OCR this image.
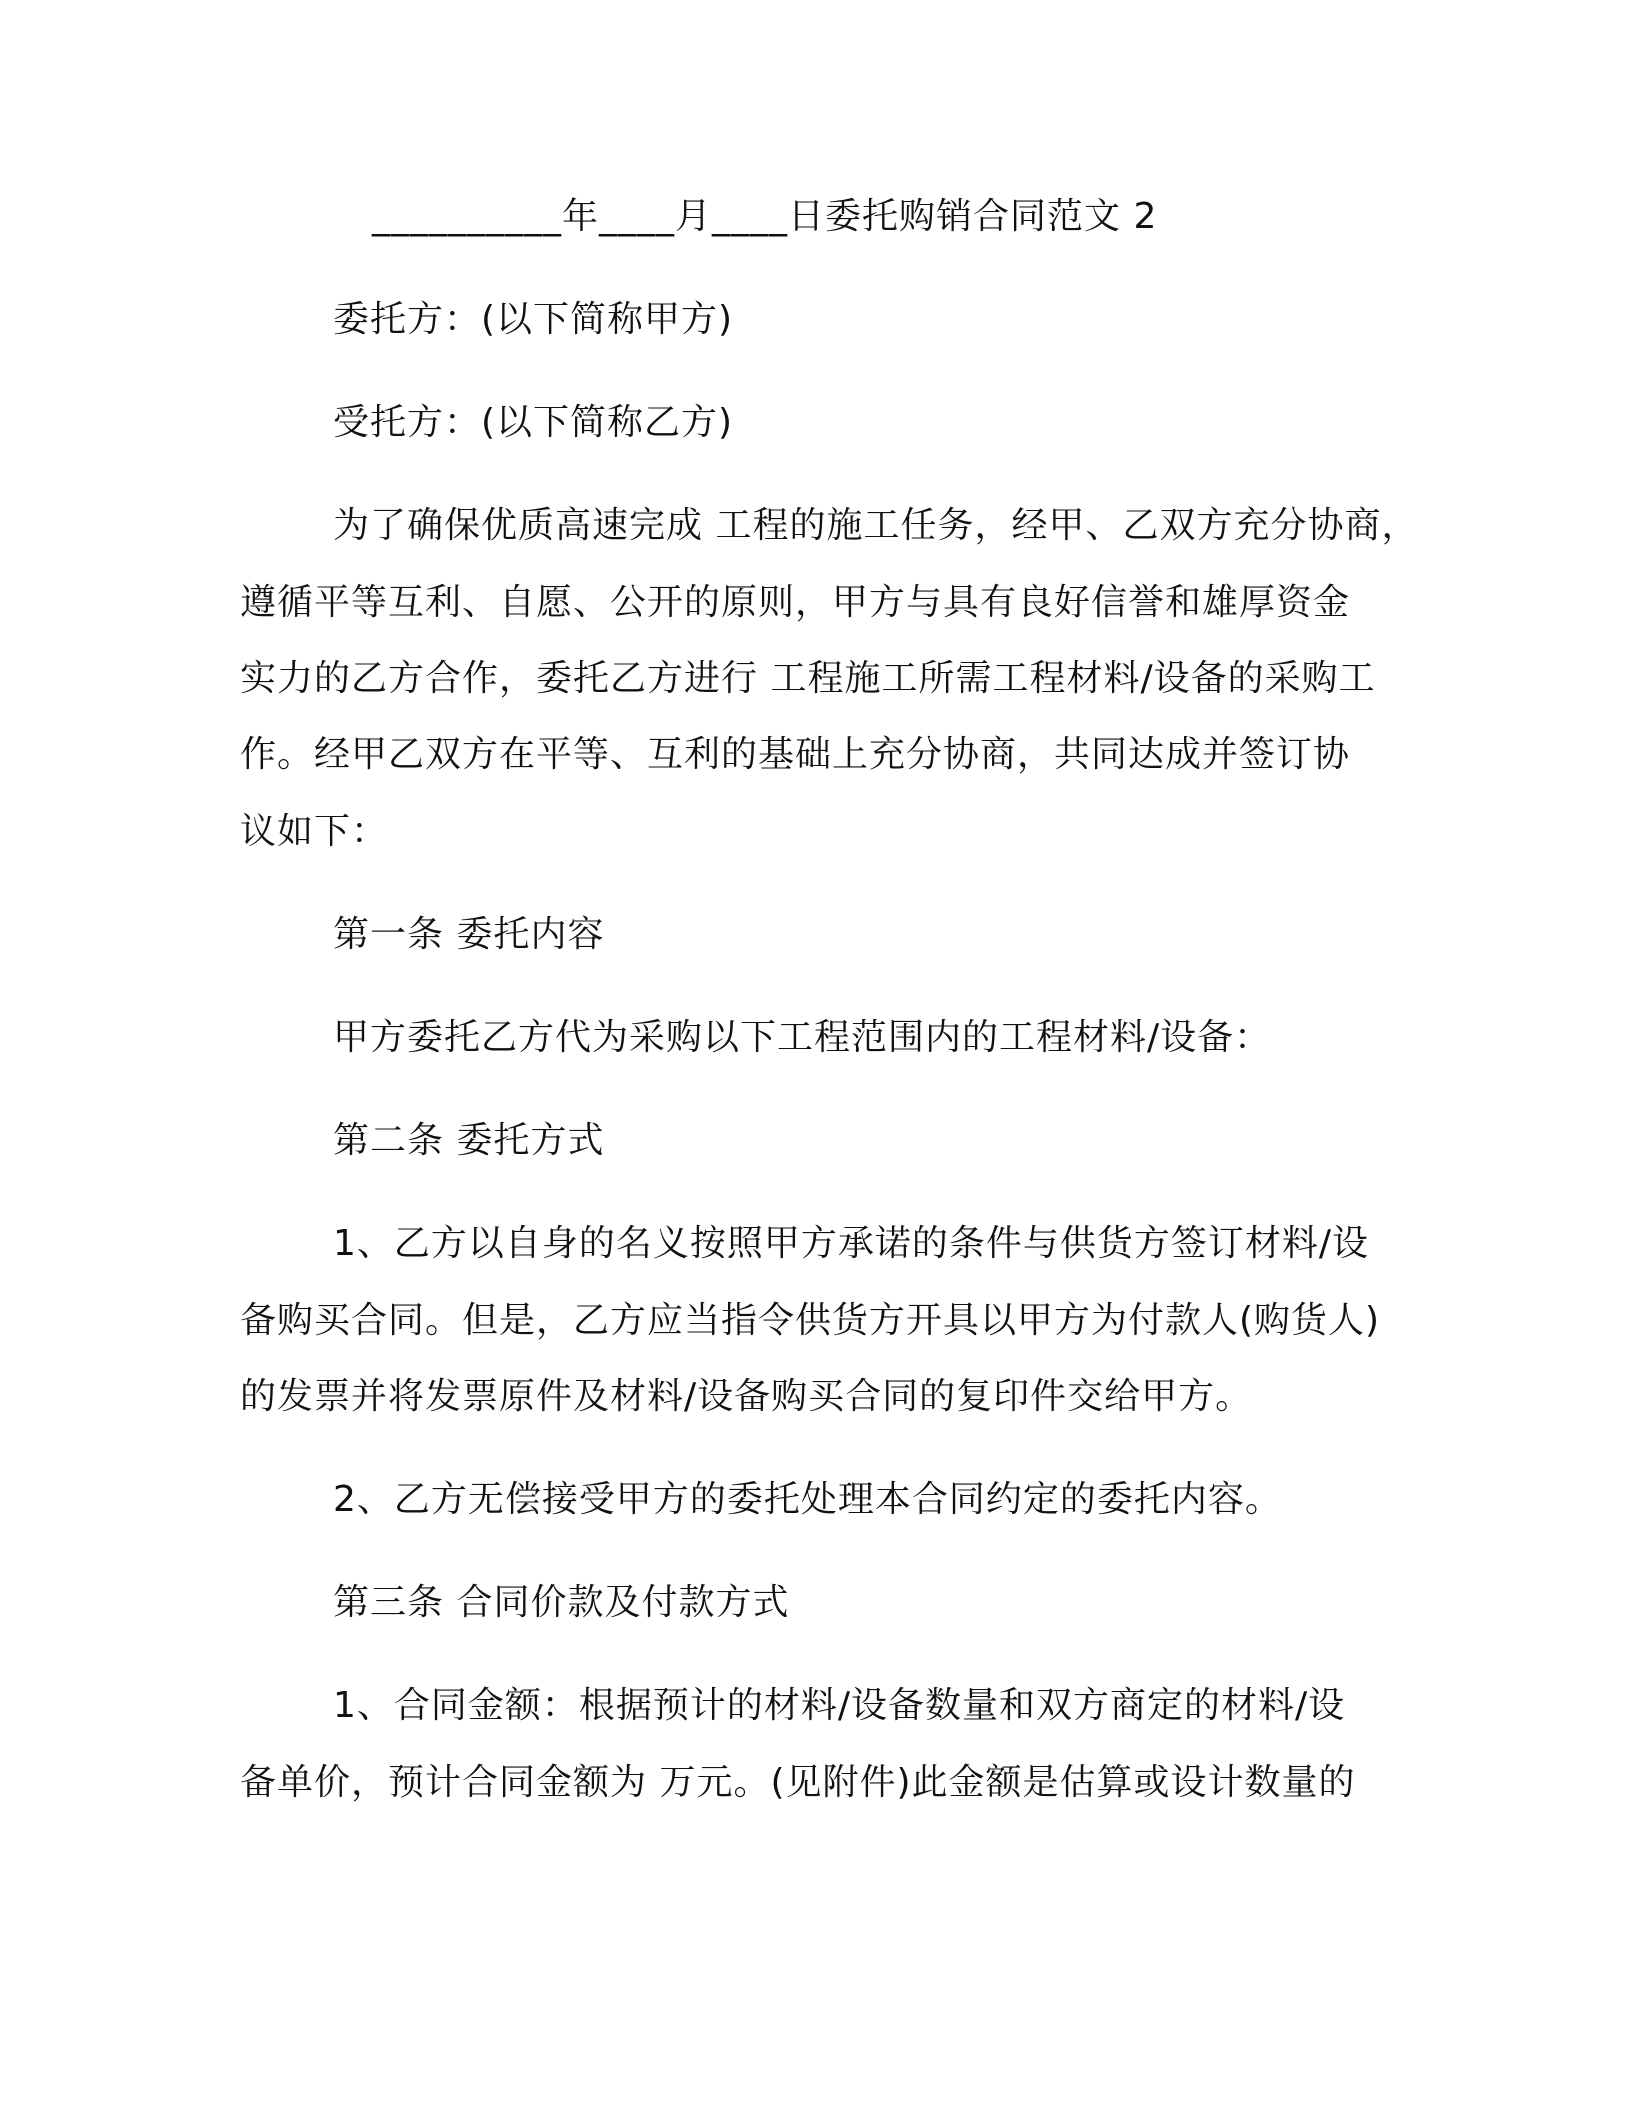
__________年____月____日委托购销合同范文 2
委托方：(以下简称甲方)
受托方：(以下简称乙方)
为了确保优质高速完成 工程的施工任务，经甲、乙双方充分协商，
遵循平等互利、自愿、公开的原则，甲方与具有良好信誉和雄厚资金
实力的乙方合作，委托乙方进行 工程施工所需工程材料/设备的采购工
作。经甲乙双方在平等、互利的基础上充分协商，共同达成并签订协
议如下：
第一条 委托内容
甲方委托乙方代为采购以下工程范围内的工程材料/设备：
第二条 委托方式
1、乙方以自身的名义按照甲方承诺的条件与供货方签订材料/设
备购买合同。但是，乙方应当指令供货方开具以甲方为付款人(购货人)
的发票并将发票原件及材料/设备购买合同的复印件交给甲方。
2、乙方无偿接受甲方的委托处理本合同约定的委托内容。
第三条 合同价款及付款方式
1、合同金额：根据预计的材料/设备数量和双方商定的材料/设
备单价，预计合同金额为 万元。(见附件)此金额是估算或设计数量的
